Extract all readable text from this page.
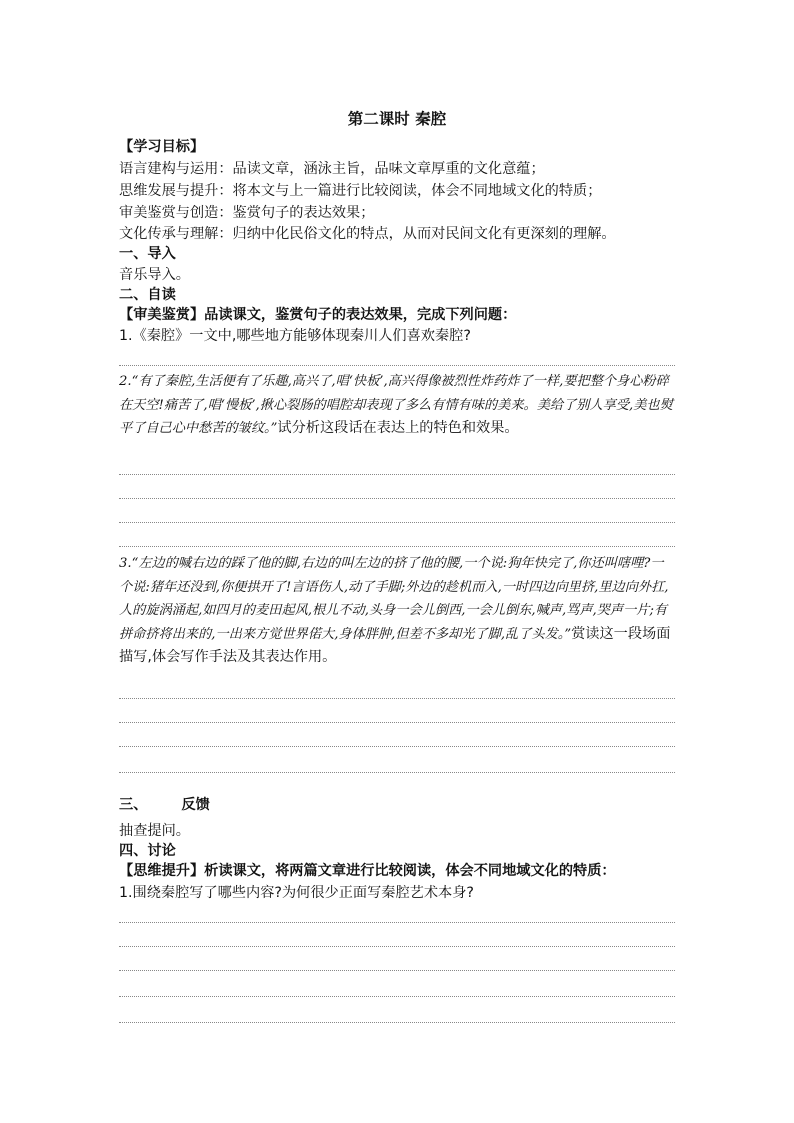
第二课时 秦腔
【学习目标】
语言建构与运用：品读文章，涵泳主旨，品味文章厚重的文化意蕴；
思维发展与提升：将本文与上一篇进行比较阅读，体会不同地域文化的特质；
审美鉴赏与创造：鉴赏句子的表达效果；
文化传承与理解：归纳中化民俗文化的特点，从而对民间文化有更深刻的理解。
一、导入
音乐导入。
二、自读
【审美鉴赏】品读课文，鉴赏句子的表达效果，完成下列问题：
1.《秦腔》一文中,哪些地方能够体现秦川人们喜欢秦腔?
2.“有了秦腔,生活便有了乐趣,高兴了,唱‘快板’,高兴得像被烈性炸药炸了一样,要把整个身心粉碎在天空!痛苦了,唱‘慢板’,揪心裂肠的唱腔却表现了多么有情有味的美来。美给了别人享受,美也熨平了自己心中愁苦的皱纹。”试分析这段话在表达上的特色和效果。
3.“左边的喊右边的踩了他的脚,右边的叫左边的挤了他的腰,一个说:狗年快完了,你还叫嗐哩?一个说:猪年还没到,你便拱开了!言语伤人,动了手脚;外边的趁机而入,一时四边向里挤,里边向外扛,人的旋涡涌起,如四月的麦田起风,根儿不动,头身一会儿倒西,一会儿倒东,喊声,骂声,哭声一片;有拼命挤将出来的,一出来方觉世界偌大,身体胖肿,但差不多却光了脚,乱了头发。”赏读这一段场面描写,体会写作手法及其表达作用。
三、 反馈
抽查提问。
四、讨论
【思维提升】析读课文，将两篇文章进行比较阅读，体会不同地域文化的特质：
1.围绕秦腔写了哪些内容?为何很少正面写秦腔艺术本身?
